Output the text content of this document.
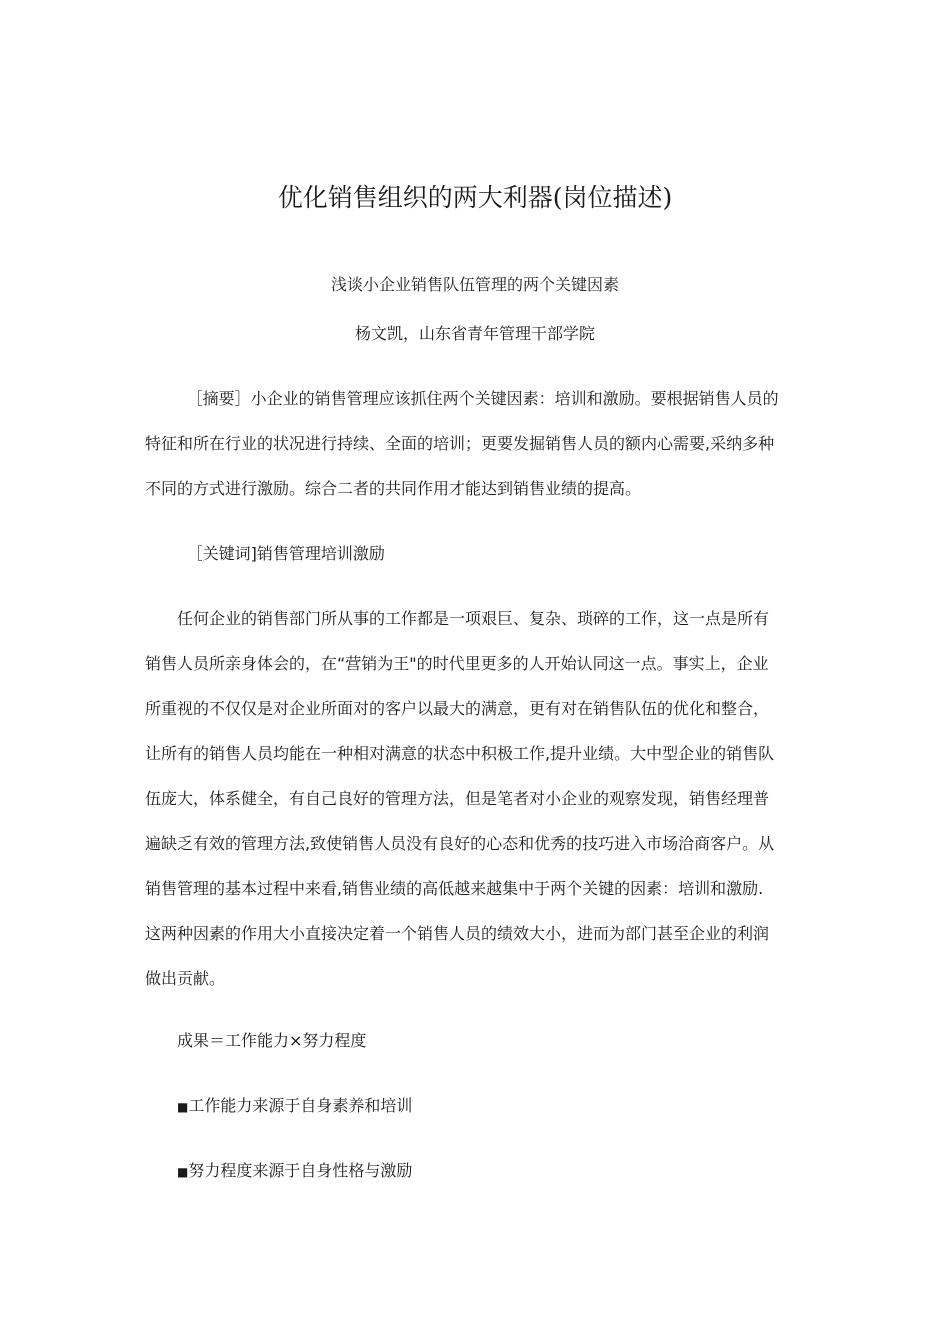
优化销售组织的两大利器(岗位描述)
浅谈小企业销售队伍管理的两个关键因素
杨文凯，山东省青年管理干部学院
［摘要］小企业的销售管理应该抓住两个关键因素：培训和激励。要根据销售人员的
特征和所在行业的状况进行持续、全面的培训；更要发掘销售人员的额内心需要,采纳多种
不同的方式进行激励。综合二者的共同作用才能达到销售业绩的提高。
［关键词]销售管理培训激励
任何企业的销售部门所从事的工作都是一项艰巨、复杂、琐碎的工作，这一点是所有
销售人员所亲身体会的，在“营销为王"的时代里更多的人开始认同这一点。事实上，企业
所重视的不仅仅是对企业所面对的客户以最大的满意，更有对在销售队伍的优化和整合，
让所有的销售人员均能在一种相对满意的状态中积极工作,提升业绩。大中型企业的销售队
伍庞大，体系健全，有自己良好的管理方法，但是笔者对小企业的观察发现，销售经理普
遍缺乏有效的管理方法,致使销售人员没有良好的心态和优秀的技巧进入市场洽商客户。从
销售管理的基本过程中来看,销售业绩的高低越来越集中于两个关键的因素：培训和激励.
这两种因素的作用大小直接决定着一个销售人员的绩效大小，进而为部门甚至企业的利润
做出贡献。
成果＝工作能力×努力程度
■工作能力来源于自身素养和培训
■努力程度来源于自身性格与激励
